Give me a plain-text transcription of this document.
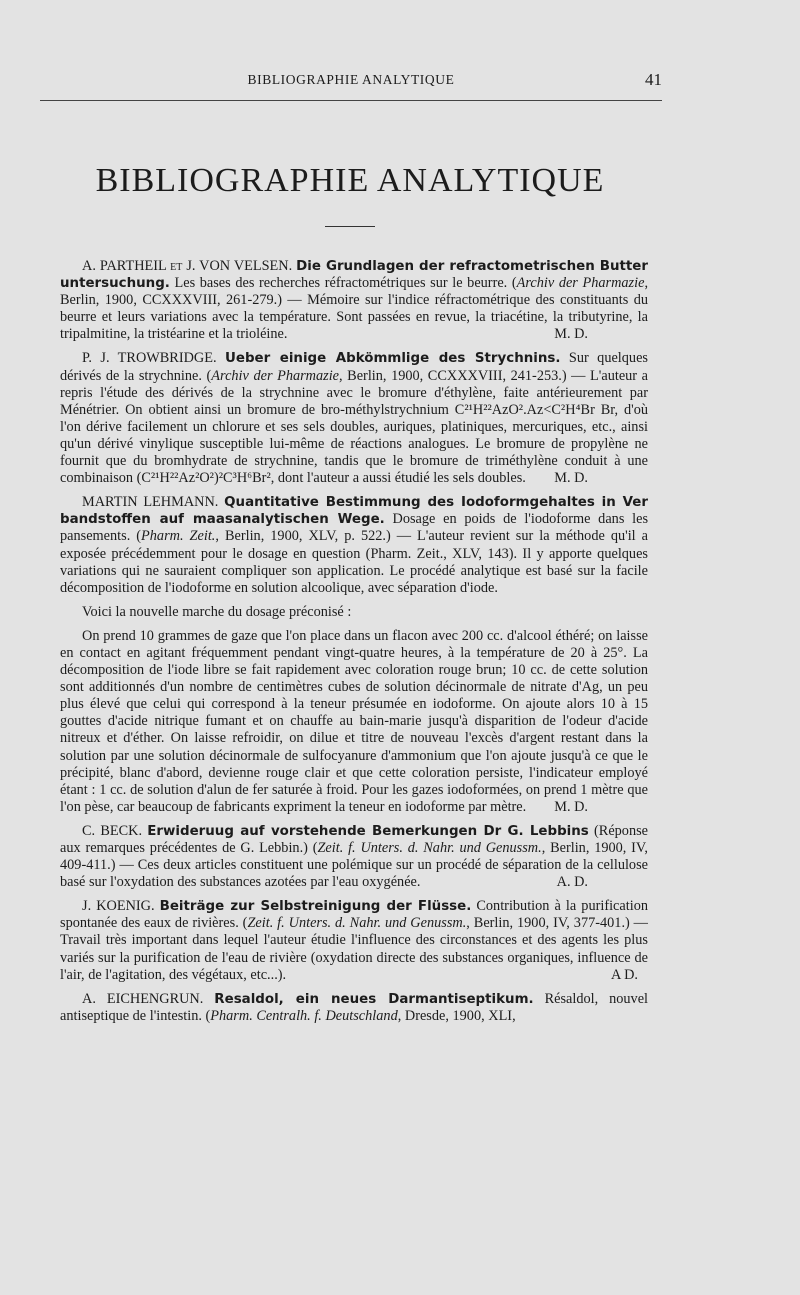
BIBLIOGRAPHIE ANALYTIQUE	41
BIBLIOGRAPHIE ANALYTIQUE

A. PARTHEIL et J. VON VELSEN. Die Grundlagen der refractometrischen Butter untersuchung. Les bases des recherches réfractométriques sur le beurre. (Archiv der Pharmazie, Berlin, 1900, CCXXXVIII, 261-279.) — Mémoire sur l'indice réfractométrique des constituants du beurre et leurs variations avec la température. Sont passées en revue, la triacétine, la tributyrine, la tripalmitine, la tristéarine et la trioléine.	M. D.

P. J. TROWBRIDGE. Ueber einige Abkömmlige des Strychnins. Sur quelques dérivés de la strychnine. (Archiv der Pharmazie, Berlin, 1900, CCXXXVIII, 241-253.) — L'auteur a repris l'étude des dérivés de la strychnine avec le bromure d'éthylène, faite antérieurement par Ménétrier. On obtient ainsi un bromure de bro-méthylstrychnium C²¹H²²AzO².Az<C²H⁴Br Br, d'où l'on dérive facilement un chlorure et ses sels doubles, auriques, platiniques, mercuriques, etc., ainsi qu'un dérivé vinylique susceptible lui-même de réactions analogues. Le bromure de propylène ne fournit que du bromhydrate de strychnine, tandis que le bromure de triméthylène conduit à une combinaison (C²¹H²²Az²O²)²C³H⁶Br², dont l'auteur a aussi étudié les sels doubles.	M. D.

MARTIN LEHMANN. Quantitative Bestimmung des Iodoformgehaltes in Ver bandstoffen auf maasanalytischen Wege. Dosage en poids de l'iodoforme dans les pansements. (Pharm. Zeit., Berlin, 1900, XLV, p. 522.) — L'auteur revient sur la méthode qu'il a exposée précédemment pour le dosage en question (Pharm. Zeit., XLV, 143). Il y apporte quelques variations qui ne sauraient compliquer son application. Le procédé analytique est basé sur la facile décomposition de l'iodoforme en solution alcoolique, avec séparation d'iode.

Voici la nouvelle marche du dosage préconisé :

On prend 10 grammes de gaze que l'on place dans un flacon avec 200 cc. d'alcool éthéré; on laisse en contact en agitant fréquemment pendant vingt-quatre heures, à la température de 20 à 25°. La décomposition de l'iode libre se fait rapidement avec coloration rouge brun; 10 cc. de cette solution sont additionnés d'un nombre de centimètres cubes de solution décinormale de nitrate d'Ag, un peu plus élevé que celui qui correspond à la teneur présumée en iodoforme. On ajoute alors 10 à 15 gouttes d'acide nitrique fumant et on chauffe au bain-marie jusqu'à disparition de l'odeur d'acide nitreux et d'éther. On laisse refroidir, on dilue et titre de nouveau l'excès d'argent restant dans la solution par une solution décinormale de sulfocyanure d'ammonium que l'on ajoute jusqu'à ce que le précipité, blanc d'abord, devienne rouge clair et que cette coloration persiste, l'indicateur employé étant : 1 cc. de solution d'alun de fer saturée à froid. Pour les gazes iodoformées, on prend 1 mètre que l'on pèse, car beaucoup de fabricants expriment la teneur en iodoforme par mètre.	M. D.

C. BECK. Erwideruug auf vorstehende Bemerkungen Dr G. Lebbins (Réponse aux remarques précédentes de G. Lebbin.) (Zeit. f. Unters. d. Nahr. und Genussm., Berlin, 1900, IV, 409-411.) — Ces deux articles constituent une polémique sur un procédé de séparation de la cellulose basé sur l'oxydation des substances azotées par l'eau oxygénée.	A. D.

J. KOENIG. Beiträge zur Selbstreinigung der Flüsse. Contribution à la purification spontanée des eaux de rivières. (Zeit. f. Unters. d. Nahr. und Genussm., Berlin, 1900, IV, 377-401.) — Travail très important dans lequel l'auteur étudie l'influence des circonstances et des agents les plus variés sur la purification de l'eau de rivière (oxydation directe des substances organiques, influence de l'air, de l'agitation, des végétaux, etc...).	A D.

A. EICHENGRUN. Resaldol, ein neues Darmantiseptikum. Résaldol, nouvel antiseptique de l'intestin. (Pharm. Centralh. f. Deutschland, Dresde, 1900, XLI,
